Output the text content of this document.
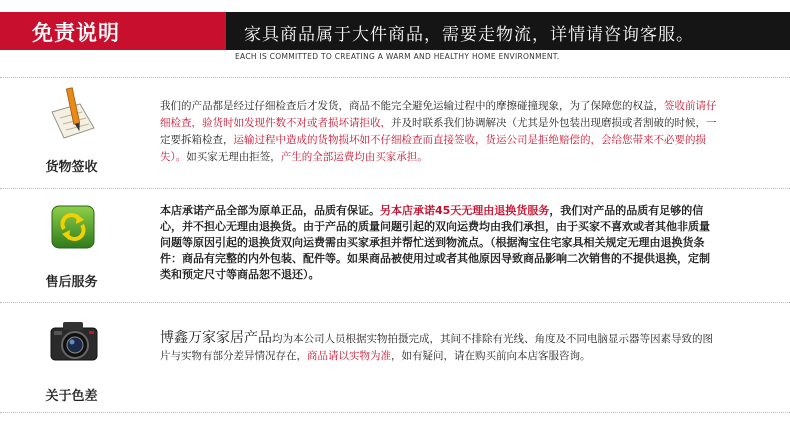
免责说明	家具商品属于大件商品，需要走物流，详情请咨询客服。
EACH IS COMMITTED TO CREATING A WARM AND HEALTHY HOME ENVIRONMENT.
货物签收
我们的产品都是经过仔细检查后才发货，商品不能完全避免运输过程中的摩擦碰撞现象，为了保障您的权益，签收前请仔细检查，验货时如发现件数不对或者损坏请拒收，并及时联系我们协调解决（尤其是外包装出现磨损或者割破的时候，一定要拆箱检查，运输过程中造成的货物损坏如不仔细检查而直接签收，货运公司是拒绝赔偿的，会给您带来不必要的损失）。如买家无理由拒签，产生的全部运费均由买家承担。
售后服务
本店承诺产品全部为原单正品，品质有保证。另本店承诺45天无理由退换货服务，我们对产品的品质有足够的信心，并不担心无理由退换货。由于产品的质量问题引起的双向运费均由我们承担，由于买家不喜欢或者其他非质量问题等原因引起的退换货双向运费需由买家承担并帮忙送到物流点。（根据淘宝住宅家具相关规定无理由退换货条件：商品有完整的内外包装、配件等。如果商品被使用过或者其他原因导致商品影响二次销售的不提供退换，定制类和预定尺寸等商品恕不退还）。
关于色差
博鑫万家家居产品均为本公司人员根据实物拍摄完成，其间不排除有光线、角度及不同电脑显示器等因素导致的图片与实物有部分差异情况存在，商品请以实物为准，如有疑问，请在购买前向本店客服咨询。
